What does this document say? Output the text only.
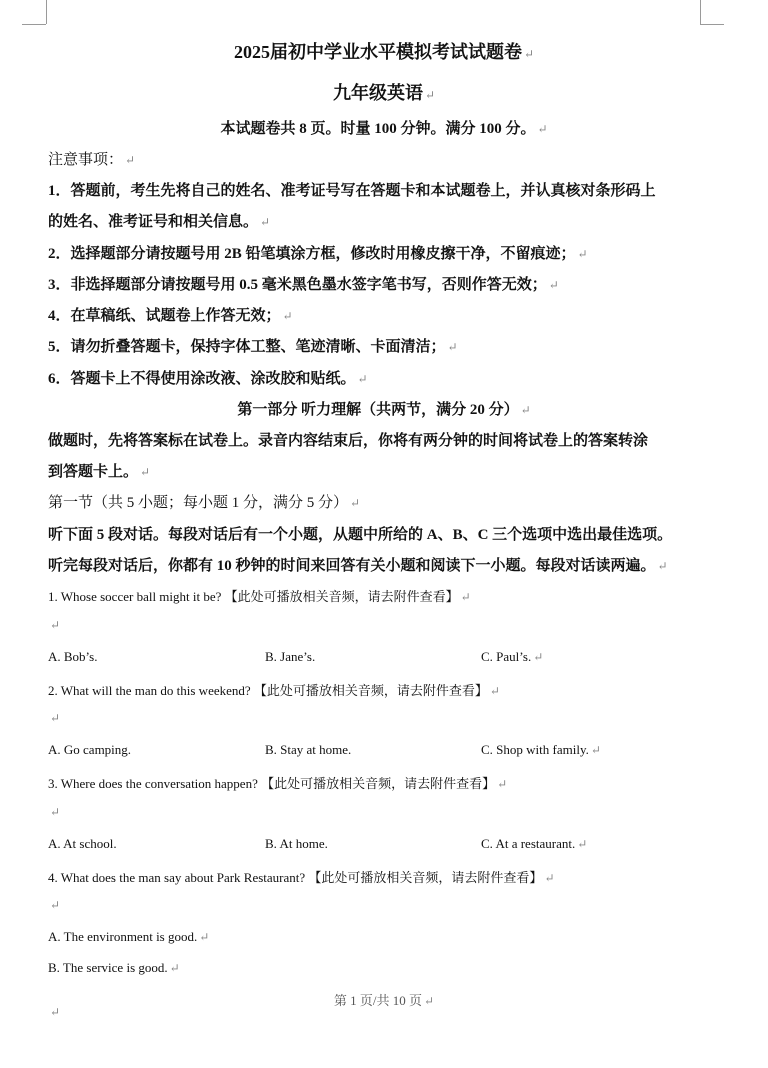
2025届初中学业水平模拟考试试题卷 ↵
九年级英语 ↵
本试题卷共 8 页。时量 100 分钟。满分 100 分。 ↵
注意事项： ↵
1．答题前，考生先将自己的姓名、准考证号写在答题卡和本试题卷上，并认真核对条形码上
的姓名、准考证号和相关信息。 ↵
2．选择题部分请按题号用 2B 铅笔填涂方框，修改时用橡皮擦干净，不留痕迹； ↵
3．非选择题部分请按题号用 0.5 毫米黑色墨水签字笔书写，否则作答无效； ↵
4．在草稿纸、试题卷上作答无效； ↵
5．请勿折叠答题卡，保持字体工整、笔迹清晰、卡面清洁； ↵
6．答题卡上不得使用涂改液、涂改胶和贴纸。 ↵
第一部分 听力理解（共两节，满分 20 分） ↵
做题时，先将答案标在试卷上。录音内容结束后，你将有两分钟的时间将试卷上的答案转涂
到答题卡上。 ↵
第一节（共 5 小题；每小题 1 分，满分 5 分） ↵
听下面 5 段对话。每段对话后有一个小题，从题中所给的 A、B、C 三个选项中选出最佳选项。
听完每段对话后，你都有 10 秒钟的时间来回答有关小题和阅读下一小题。每段对话读两遍。 ↵
1. Whose soccer ball might it be? 【此处可播放相关音频，请去附件查看】 ↵
↵
A. Bob’s.	B. Jane’s.	C. Paul’s. ↵
2. What will the man do this weekend? 【此处可播放相关音频，请去附件查看】 ↵
↵
A. Go camping.	B. Stay at home.	C. Shop with family. ↵
3. Where does the conversation happen? 【此处可播放相关音频，请去附件查看】 ↵
↵
A. At school.	B. At home.	C. At a restaurant. ↵
4. What does the man say about Park Restaurant? 【此处可播放相关音频，请去附件查看】 ↵
↵
A. The environment is good. ↵
B. The service is good. ↵
第 1 页/共 10 页 ↵
↵
